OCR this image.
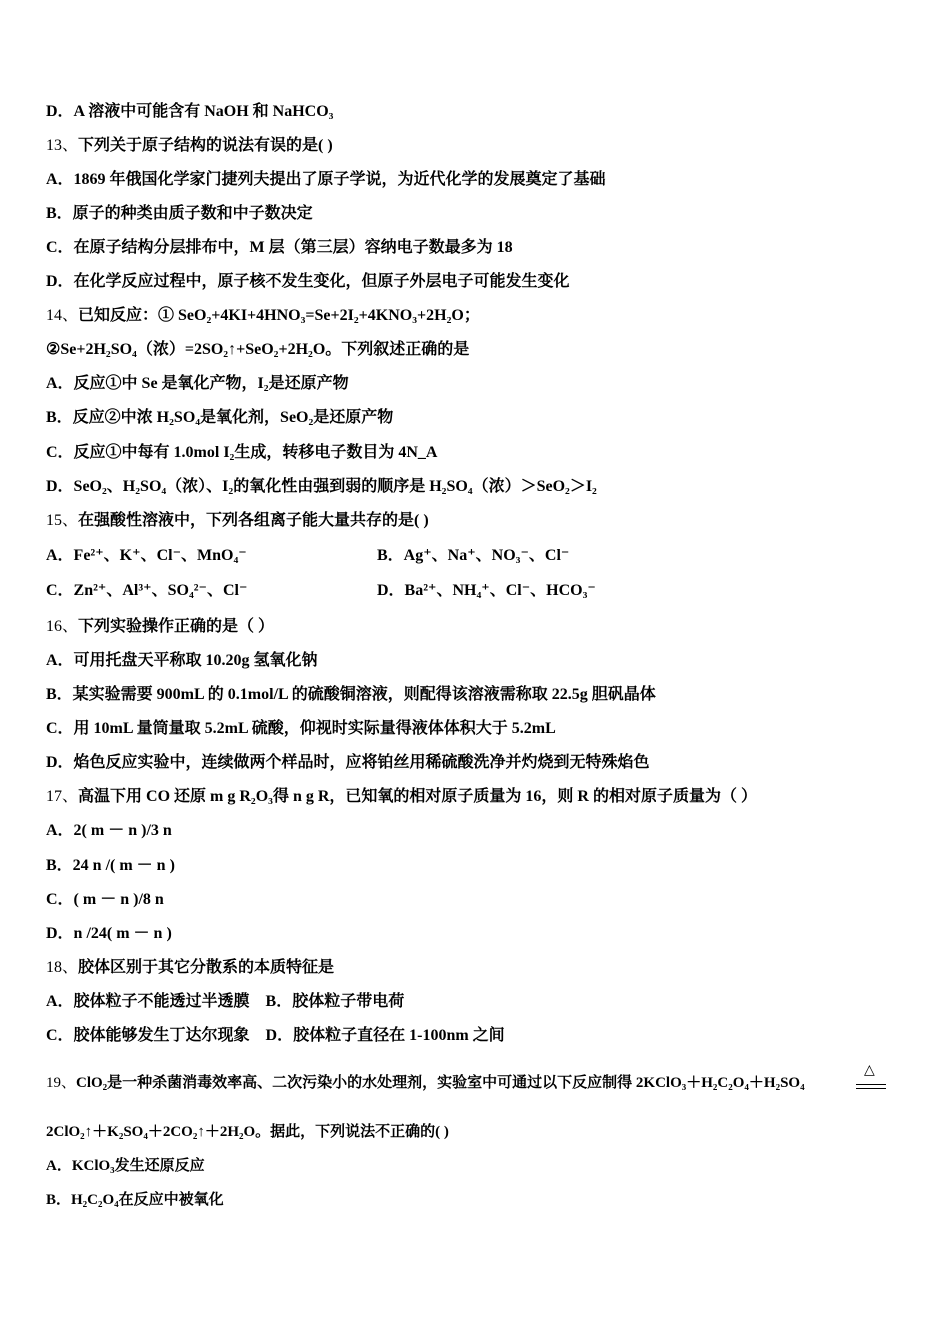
D．A 溶液中可能含有 NaOH 和 NaHCO₃
13、下列关于原子结构的说法有误的是( )
A．1869 年俄国化学家门捷列夫提出了原子学说，为近代化学的发展奠定了基础
B．原子的种类由质子数和中子数决定
C．在原子结构分层排布中，M 层（第三层）容纳电子数最多为 18
D．在化学反应过程中，原子核不发生变化，但原子外层电子可能发生变化
14、已知反应：① SeO₂+4KI+4HNO₃=Se+2I₂+4KNO₃+2H₂O；
②Se+2H₂SO₄（浓）=2SO₂↑+SeO₂+2H₂O。下列叙述正确的是
A．反应①中 Se 是氧化产物，I₂是还原产物
B．反应②中浓 H₂SO₄是氧化剂，SeO₂是还原产物
C．反应①中每有 1.0mol I₂生成，转移电子数目为 4N_A
D．SeO₂、H₂SO₄（浓）、I₂的氧化性由强到弱的顺序是 H₂SO₄（浓）＞SeO₂＞I₂
15、在强酸性溶液中，下列各组离子能大量共存的是( )
A．Fe²⁺、K⁺、Cl⁻、MnO₄⁻	B．Ag⁺、Na⁺、NO₃⁻、Cl⁻
C．Zn²⁺、Al³⁺、SO₄²⁻、Cl⁻	D．Ba²⁺、NH₄⁺、Cl⁻、HCO₃⁻
16、下列实验操作正确的是（ ）
A．可用托盘天平称取 10.20g 氢氧化钠
B．某实验需要 900mL 的 0.1mol/L 的硫酸铜溶液，则配得该溶液需称取 22.5g 胆矾晶体
C．用 10mL 量筒量取 5.2mL 硫酸，仰视时实际量得液体体积大于 5.2mL
D．焰色反应实验中，连续做两个样品时，应将铂丝用稀硫酸洗净并灼烧到无特殊焰色
17、高温下用 CO 还原 m g R₂O₃得 n g R，已知氧的相对原子质量为 16，则 R 的相对原子质量为（ ）
A．2( m － n )/3 n
B．24 n /( m － n )
C．( m － n )/8 n
D．n /24( m － n )
18、胶体区别于其它分散系的本质特征是
A．胶体粒子不能透过半透膜　B．胶体粒子带电荷
C．胶体能够发生丁达尔现象　D．胶体粒子直径在 1-100nm 之间
19、ClO₂是一种杀菌消毒效率高、二次污染小的水处理剂，实验室中可通过以下反应制得 2KClO₃＋H₂C₂O₄＋H₂SO₄
△
2ClO₂↑＋K₂SO₄＋2CO₂↑＋2H₂O。据此，下列说法不正确的( )
A．KClO₃发生还原反应
B．H₂C₂O₄在反应中被氧化
